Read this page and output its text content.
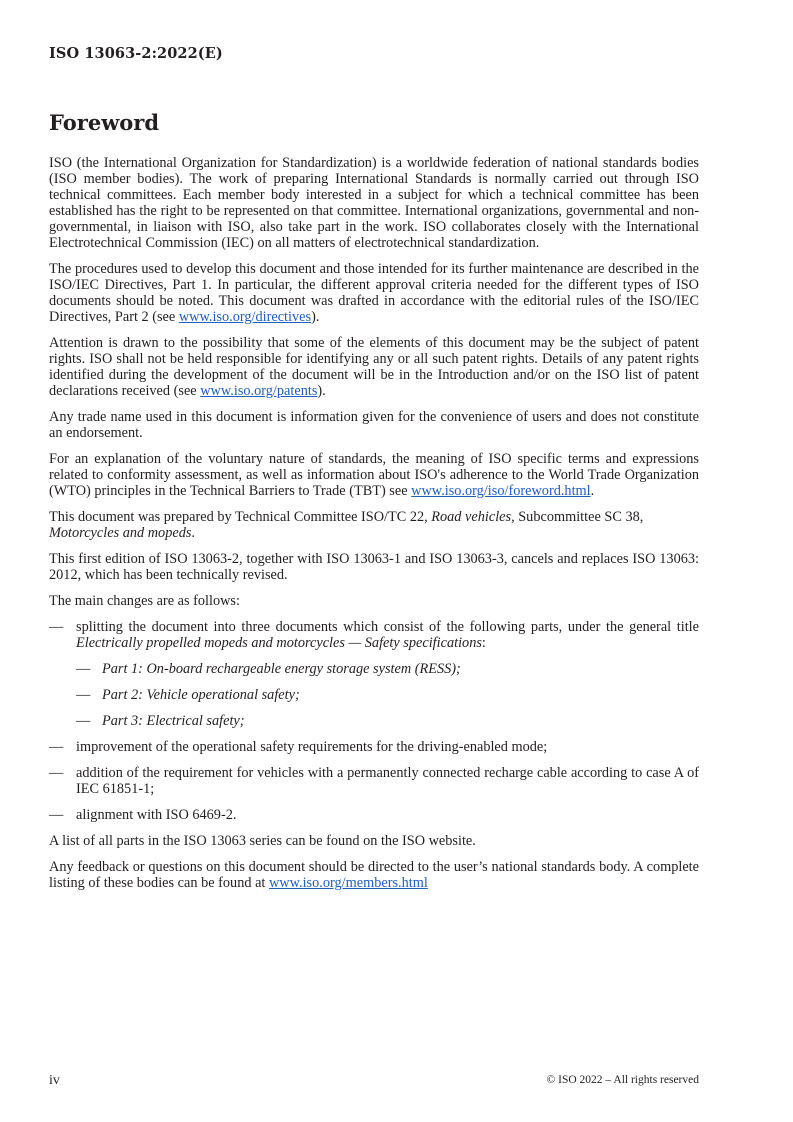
ISO 13063-2:2022(E)
Foreword

ISO (the International Organization for Standardization) is a worldwide federation of national standards bodies (ISO member bodies). The work of preparing International Standards is normally carried out through ISO technical committees. Each member body interested in a subject for which a technical committee has been established has the right to be represented on that committee. International organizations, governmental and non-governmental, in liaison with ISO, also take part in the work. ISO collaborates closely with the International Electrotechnical Commission (IEC) on all matters of electrotechnical standardization.

The procedures used to develop this document and those intended for its further maintenance are described in the ISO/IEC Directives, Part 1. In particular, the different approval criteria needed for the different types of ISO documents should be noted. This document was drafted in accordance with the editorial rules of the ISO/IEC Directives, Part 2 (see www.iso.org/directives).

Attention is drawn to the possibility that some of the elements of this document may be the subject of patent rights. ISO shall not be held responsible for identifying any or all such patent rights. Details of any patent rights identified during the development of the document will be in the Introduction and/or on the ISO list of patent declarations received (see www.iso.org/patents).

Any trade name used in this document is information given for the convenience of users and does not constitute an endorsement.

For an explanation of the voluntary nature of standards, the meaning of ISO specific terms and expressions related to conformity assessment, as well as information about ISO's adherence to the World Trade Organization (WTO) principles in the Technical Barriers to Trade (TBT) see www.iso.org/iso/foreword.html.

This document was prepared by Technical Committee ISO/TC 22, Road vehicles, Subcommittee SC 38, Motorcycles and mopeds.

This first edition of ISO 13063-2, together with ISO 13063-1 and ISO 13063-3, cancels and replaces ISO 13063: 2012, which has been technically revised.

The main changes are as follows:

— splitting the document into three documents which consist of the following parts, under the general title Electrically propelled mopeds and motorcycles — Safety specifications:
— Part 1: On-board rechargeable energy storage system (RESS);
— Part 2: Vehicle operational safety;
— Part 3: Electrical safety;
— improvement of the operational safety requirements for the driving-enabled mode;
— addition of the requirement for vehicles with a permanently connected recharge cable according to case A of IEC 61851-1;
— alignment with ISO 6469-2.

A list of all parts in the ISO 13063 series can be found on the ISO website.

Any feedback or questions on this document should be directed to the user’s national standards body. A complete listing of these bodies can be found at www.iso.org/members.html

iv	© ISO 2022 – All rights reserved
